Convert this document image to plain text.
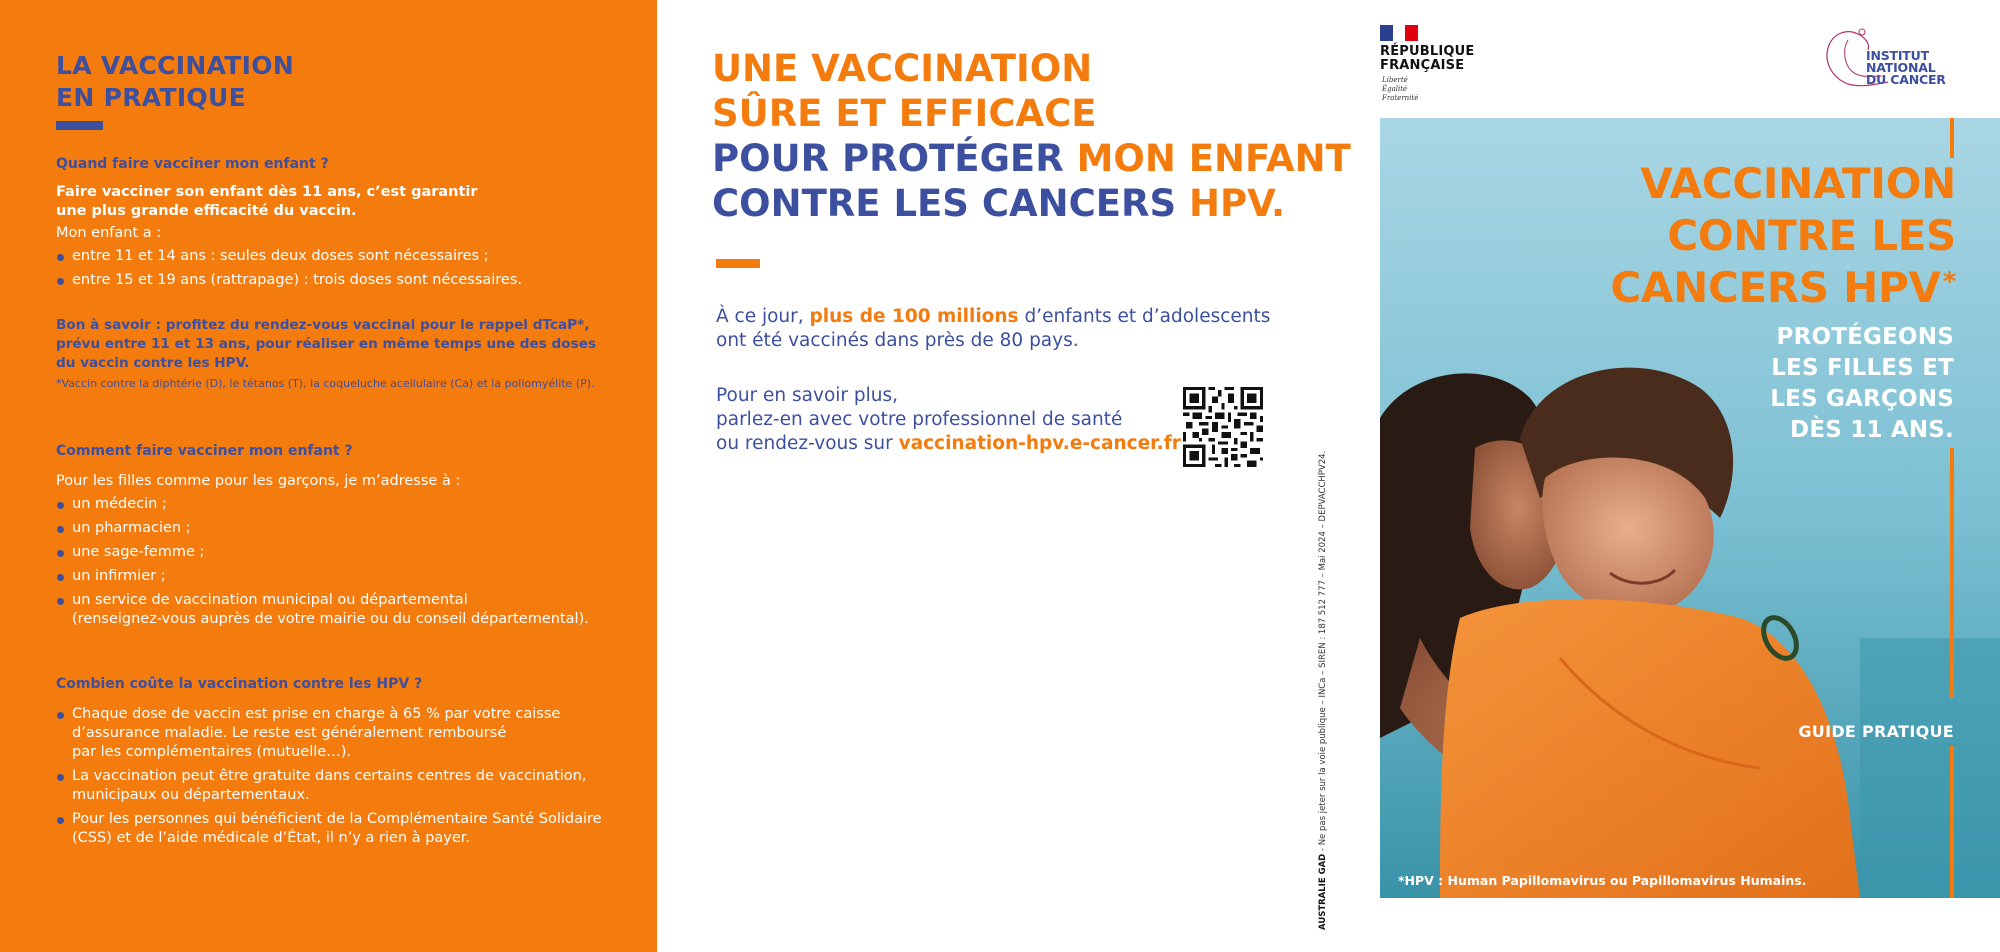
LA VACCINATION
EN PRATIQUE
Quand faire vacciner mon enfant ?
Faire vacciner son enfant dès 11 ans, c’est garantir
une plus grande efficacité du vaccin.
Mon enfant a :
entre 11 et 14 ans : seules deux doses sont nécessaires ;
entre 15 et 19 ans (rattrapage) : trois doses sont nécessaires.
Bon à savoir : profitez du rendez-vous vaccinal pour le rappel dTcaP*,
prévu entre 11 et 13 ans, pour réaliser en même temps une des doses
du vaccin contre les HPV.
*Vaccin contre la diphtérie (D), le tétanos (T), la coqueluche acellulaire (Ca) et la poliomyélite (P).
Comment faire vacciner mon enfant ?
Pour les filles comme pour les garçons, je m’adresse à :
un médecin ;
un pharmacien ;
une sage-femme ;
un infirmier ;
un service de vaccination municipal ou départemental
(renseignez-vous auprès de votre mairie ou du conseil départemental).
Combien coûte la vaccination contre les HPV ?
Chaque dose de vaccin est prise en charge à 65 % par votre caisse
d’assurance maladie. Le reste est généralement remboursé
par les complémentaires (mutuelle…).
La vaccination peut être gratuite dans certains centres de vaccination,
municipaux ou départementaux.
Pour les personnes qui bénéficient de la Complémentaire Santé Solidaire
(CSS) et de l’aide médicale d’État, il n’y a rien à payer.
UNE VACCINATION
SÛRE ET EFFICACE
POUR PROTÉGER MON ENFANT
CONTRE LES CANCERS HPV.
À ce jour, plus de 100 millions d’enfants et d’adolescents
ont été vaccinés dans près de 80 pays.
Pour en savoir plus,
parlez-en avec votre professionnel de santé
ou rendez-vous sur vaccination-hpv.e-cancer.fr
AUSTRALIE GAD - Ne pas jeter sur la voie publique – INCa – SIREN : 187 512 777 – Mai 2024 – DEPVACCHPV24.
RÉPUBLIQUE
FRANÇAISE
Liberté
Égalité
Fraternité
INSTITUT
NATIONAL
DU CANCER
VACCINATION
CONTRE LES
CANCERS HPV*
PROTÉGEONS
LES FILLES ET
LES GARÇONS
DÈS 11 ANS.
GUIDE PRATIQUE
*HPV : Human Papillomavirus ou Papillomavirus Humains.
